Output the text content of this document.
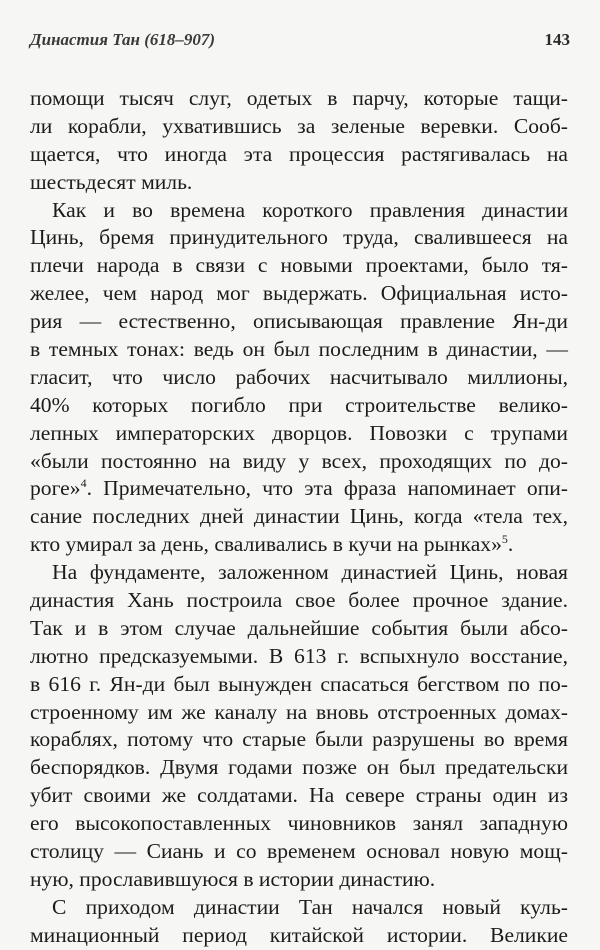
Династия Тан (618–907)	143
помощи тысяч слуг, одетых в парчу, которые тащи-
ли корабли, ухватившись за зеленые веревки. Сооб-
щается, что иногда эта процессия растягивалась на
шестьдесят миль.
Как и во времена короткого правления династии
Цинь, бремя принудительного труда, свалившееся на
плечи народа в связи с новыми проектами, было тя-
желее, чем народ мог выдержать. Официальная исто-
рия — естественно, описывающая правление Ян-ди
в темных тонах: ведь он был последним в династии, —
гласит, что число рабочих насчитывало миллионы,
40% которых погибло при строительстве велико-
лепных императорских дворцов. Повозки с трупами
«были постоянно на виду у всех, проходящих по до-
роге»$^4$. Примечательно, что эта фраза напоминает опи-
сание последних дней династии Цинь, когда «тела тех,
кто умирал за день, сваливались в кучи на рынках»$^5$.
На фундаменте, заложенном династией Цинь, новая
династия Хань построила свое более прочное здание.
Так и в этом случае дальнейшие события были абсо-
лютно предсказуемыми. В 613 г. вспыхнуло восстание,
в 616 г. Ян-ди был вынужден спасаться бегством по по-
строенному им же каналу на вновь отстроенных домах-
кораблях, потому что старые были разрушены во время
беспорядков. Двумя годами позже он был предательски
убит своими же солдатами. На севере страны один из
его высокопоставленных чиновников занял западную
столицу — Сиань и со временем основал новую мощ-
ную, прославившуюся в истории династию.
С приходом династии Тан начался новый куль-
минационный период китайской истории. Великие
